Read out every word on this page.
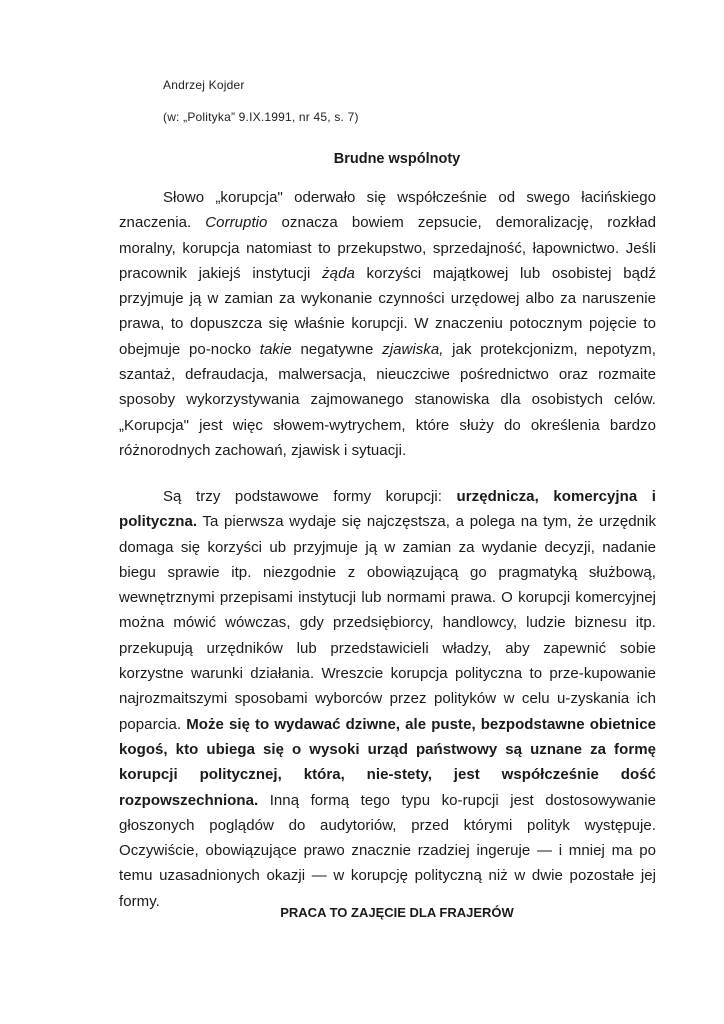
Andrzej Kojder
(w: „Polityka” 9.IX.1991, nr 45, s. 7)
Brudne wspólnoty

Słowo „korupcja" oderwało się współcześnie od swego łacińskiego znaczenia. Corruptio oznacza bowiem zepsucie, demoralizację, rozkład moralny, korupcja natomiast to przekupstwo, sprzedajność, łapownictwo. Jeśli pracownik jakiejś instytucji żąda korzyści majątkowej lub osobistej bądź przyjmuje ją w zamian za wykonanie czynności urzędowej albo za naruszenie prawa, to dopuszcza się właśnie korupcji. W znaczeniu potocznym pojęcie to obejmuje po-nocko takie negatywne zjawiska, jak protekcjonizm, nepotyzm, szantaż, defraudacja, malwersacja, nieuczciwe pośrednictwo oraz rozmaite sposoby wykorzystywania zajmowanego stanowiska dla osobistych celów. „Korupcja" jest więc słowem-wytrychem, które służy do określenia bardzo różnorodnych zachowań, zjawisk i sytuacji.

Są trzy podstawowe formy korupcji: urzędnicza, komercyjna i polityczna. Ta pierwsza wydaje się najczęstsza, a polega na tym, że urzędnik domaga się korzyści ub przyjmuje ją w zamian za wydanie decyzji, nadanie biegu sprawie itp. niezgodnie z obowiązującą go pragmatyką służbową, wewnętrznymi przepisami instytucji lub normami prawa. O korupcji komercyjnej można mówić wówczas, gdy przedsiębiorcy, handlowcy, ludzie biznesu itp. przekupują urzędników lub przedstawicieli władzy, aby zapewnić sobie korzystne warunki działania. Wreszcie korupcja polityczna to prze-kupowanie najrozmaitszymi sposobami wyborców przez polityków w celu u-zyskania ich poparcia. Może się to wydawać dziwne, ale puste, bezpodstawne obietnice kogoś, kto ubiega się o wysoki urząd państwowy są uznane za formę korupcji politycznej, która, nie-stety, jest współcześnie dość rozpowszechniona. Inną formą tego typu ko-rupcji jest dostosowywanie głoszonych poglądów do audytoriów, przed którymi polityk występuje. Oczywiście, obowiązujące prawo znacznie rzadziej ingeruje — i mniej ma po temu uzasadnionych okazji — w korupcję polityczną niż w dwie pozostałe jej formy.

PRACA TO ZAJĘCIE DLA FRAJERÓW
